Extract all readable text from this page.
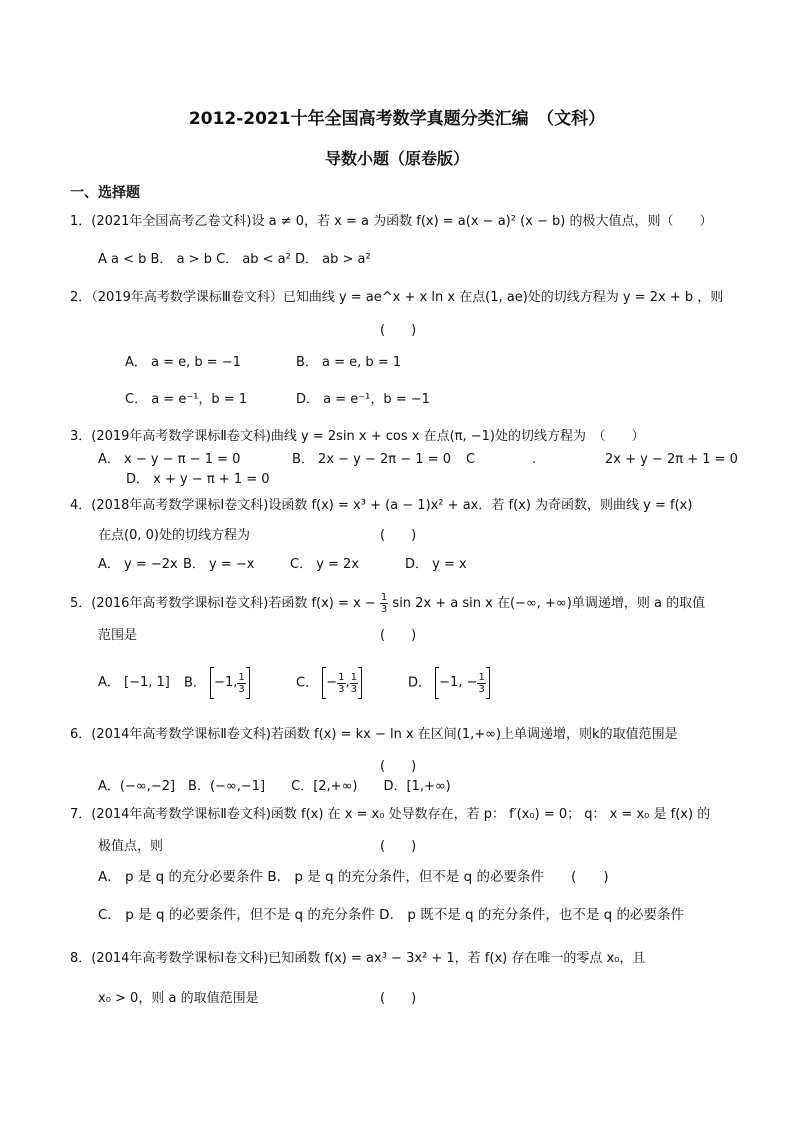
2012-2021十年全国高考数学真题分类汇编　（文科）
导数小题（原卷版）
一、选择题
1．(2021年全国高考乙卷文科)设 a ≠ 0，若 x = a 为函数 f(x) = a(x − a)² (x − b) 的极大值点，则（　　）
A a < b B． a > b C． ab < a² D． ab > a²
2．（2019年高考数学课标Ⅲ卷文科）已知曲线 y = ae^x + x ln x 在点(1, ae)处的切线方程为 y = 2x + b ，则
(　　)
A． a = e, b = −1	B． a = e, b = 1
C． a = e⁻¹，b = 1	D． a = e⁻¹，b = −1
3．(2019年高考数学课标Ⅱ卷文科)曲线 y = 2sin x + cos x 在点(π, −1)处的切线方程为　（　　）
A． x − y − π − 1 = 0	B． 2x − y − 2π − 1 = 0 C	.	2x + y − 2π + 1 = 0
D． x + y − π + 1 = 0
4．(2018年高考数学课标Ⅰ卷文科)设函数 f(x) = x³ + (a − 1)x² + ax．若 f(x) 为奇函数，则曲线 y = f(x)
在点(0, 0)处的切线方程为	(　　)
A． y = −2x B． y = −x	C． y = 2x	D． y = x
5．(2016年高考数学课标Ⅰ卷文科)若函数 $f(x) = x - \frac{1}{3}$ sin 2x + a sin x 在(−∞, +∞)单调递增，则 a 的取值
范围是	(　　)
A． [−1, 1] B． −1, $\frac{1}{3}$	C． − $\frac{1}{3}$ , $\frac{1}{3}$	D． −1, − $\frac{1}{3}$
6．(2014年高考数学课标Ⅱ卷文科)若函数 f(x) = kx − ln x 在区间(1,+∞)上单调递增，则k的取值范围是
(　　)
A．(−∞,−2]　B．(−∞,−1]　　C．[2,+∞)　　D．[1,+∞)
7．(2014年高考数学课标Ⅱ卷文科)函数 f(x) 在 x = x₀ 处导数存在，若 p： f′(x₀) = 0； q： x = x₀ 是 f(x) 的
极值点，则	(　　)
A． p 是 q 的充分必要条件 B． p 是 q 的充分条件，但不是 q 的必要条件　　(　　)
C． p 是 q 的必要条件，但不是 q 的充分条件 D． p 既不是 q 的充分条件，也不是 q 的必要条件
8．(2014年高考数学课标Ⅰ卷文科)已知函数 f(x) = ax³ − 3x² + 1，若 f(x) 存在唯一的零点 x₀，且
x₀ > 0，则 a 的取值范围是	(　　)
